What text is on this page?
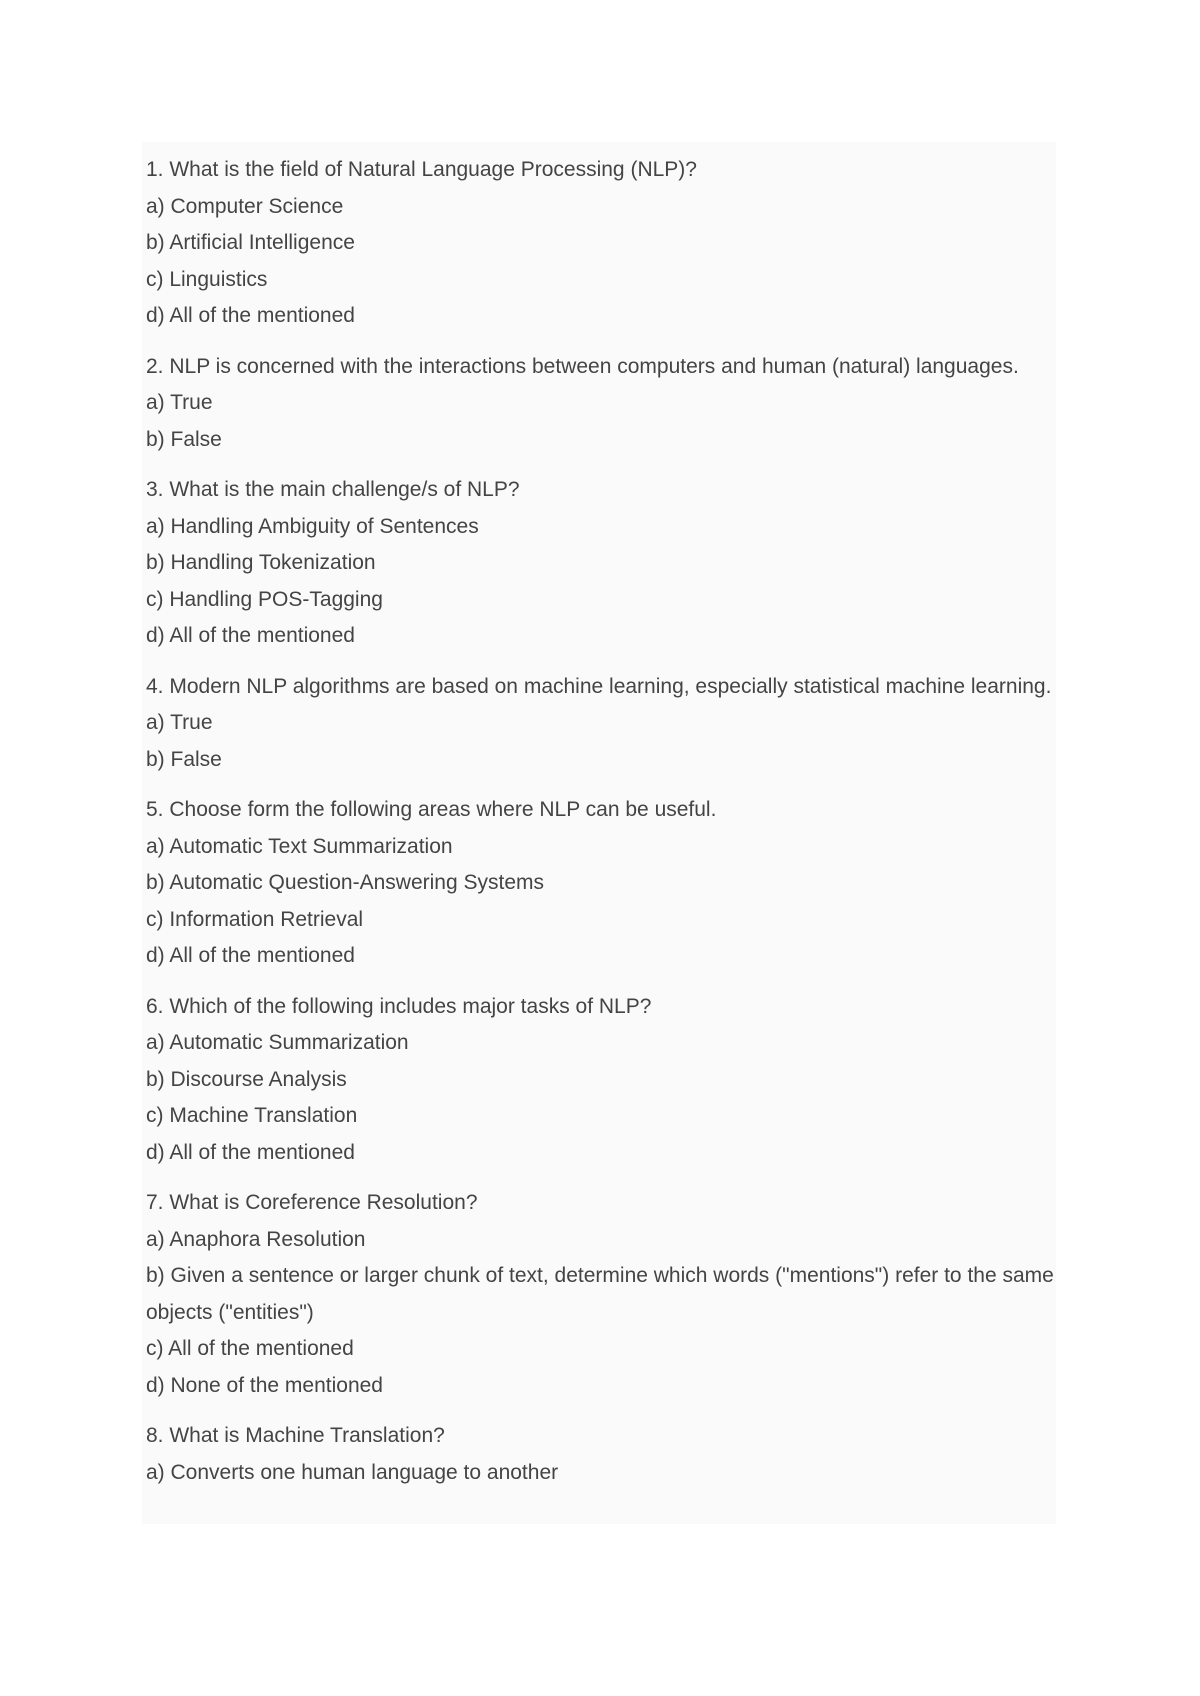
1. What is the field of Natural Language Processing (NLP)?
a) Computer Science
b) Artificial Intelligence
c) Linguistics
d) All of the mentioned
2. NLP is concerned with the interactions between computers and human (natural) languages.
a) True
b) False
3. What is the main challenge/s of NLP?
a) Handling Ambiguity of Sentences
b) Handling Tokenization
c) Handling POS-Tagging
d) All of the mentioned
4. Modern NLP algorithms are based on machine learning, especially statistical machine learning.
a) True
b) False
5. Choose form the following areas where NLP can be useful.
a) Automatic Text Summarization
b) Automatic Question-Answering Systems
c) Information Retrieval
d) All of the mentioned
6. Which of the following includes major tasks of NLP?
a) Automatic Summarization
b) Discourse Analysis
c) Machine Translation
d) All of the mentioned
7. What is Coreference Resolution?
a) Anaphora Resolution
b) Given a sentence or larger chunk of text, determine which words ("mentions") refer to the same objects ("entities")
c) All of the mentioned
d) None of the mentioned
8. What is Machine Translation?
a) Converts one human language to another
